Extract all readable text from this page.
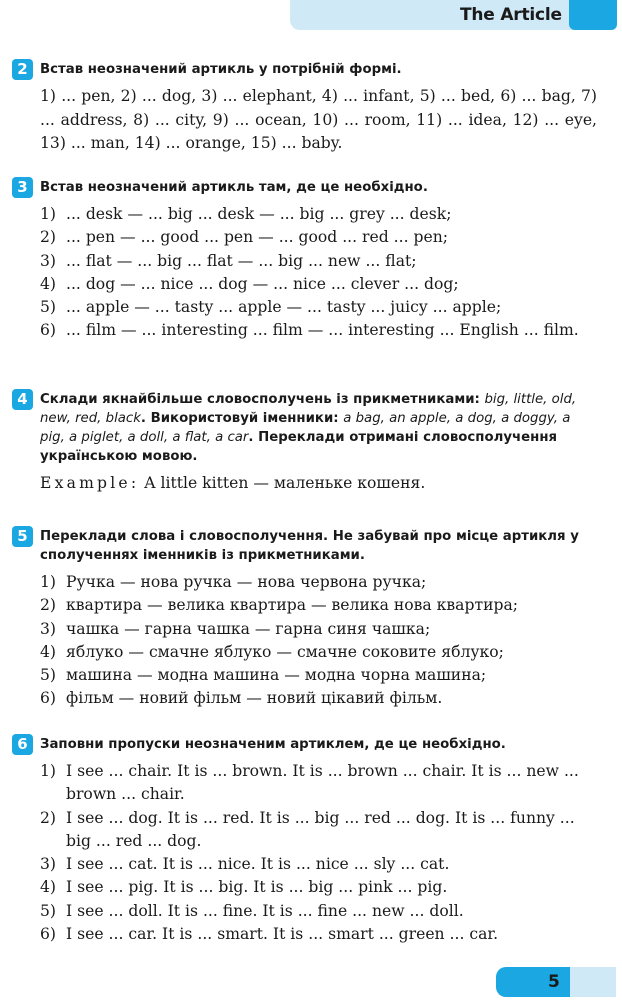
The Article
2 Встав неозначений артикль у потрібній формі.

1) ... pen, 2) ... dog, 3) ... elephant, 4) ... infant, 5) ... bed, 6) ... bag, 7) ... address, 8) ... city, 9) ... ocean, 10) ... room, 11) ... idea, 12) ... eye, 13) ... man, 14) ... orange, 15) ... baby.

3 Встав неозначений артикль там, де це необхідно.
1) ... desk — ... big ... desk — ... big ... grey ... desk;
2) ... pen — ... good ... pen — ... good ... red ... pen;
3) ... flat — ... big ... flat — ... big ... new ... flat;
4) ... dog — ... nice ... dog — ... nice ... clever ... dog;
5) ... apple — ... tasty ... apple — ... tasty ... juicy ... apple;
6) ... film — ... interesting ... film — ... interesting ... English ... film.
4 Склади якнайбільше словосполучень із прикметниками: big, little, old, new, red, black. Використовуй іменники: a bag, an apple, a dog, a doggy, a pig, a piglet, a doll, a flat, a car. Переклади отримані словосполучення українською мовою.

Example: A little kitten — маленьке кошеня.

5 Переклади слова і словосполучення. Не забувай про місце артикля у сполученнях іменників із прикметниками.
1) Ручка — нова ручка — нова червона ручка;
2) квартира — велика квартира — велика нова квартира;
3) чашка — гарна чашка — гарна синя чашка;
4) яблуко — смачне яблуко — смачне соковите яблуко;
5) машина — модна машина — модна чорна машина;
6) фільм — новий фільм — новий цікавий фільм.
6 Заповни пропуски неозначеним артиклем, де це необхідно.
1) I see ... chair. It is ... brown. It is ... brown ... chair. It is ... new ... brown ... chair.
2) I see ... dog. It is ... red. It is ... big ... red ... dog. It is ... funny ... big ... red ... dog.
3) I see ... cat. It is ... nice. It is ... nice ... sly ... cat.
4) I see ... pig. It is ... big. It is ... big ... pink ... pig.
5) I see ... doll. It is ... fine. It is ... fine ... new ... doll.
6) I see ... car. It is ... smart. It is ... smart ... green ... car.
5
